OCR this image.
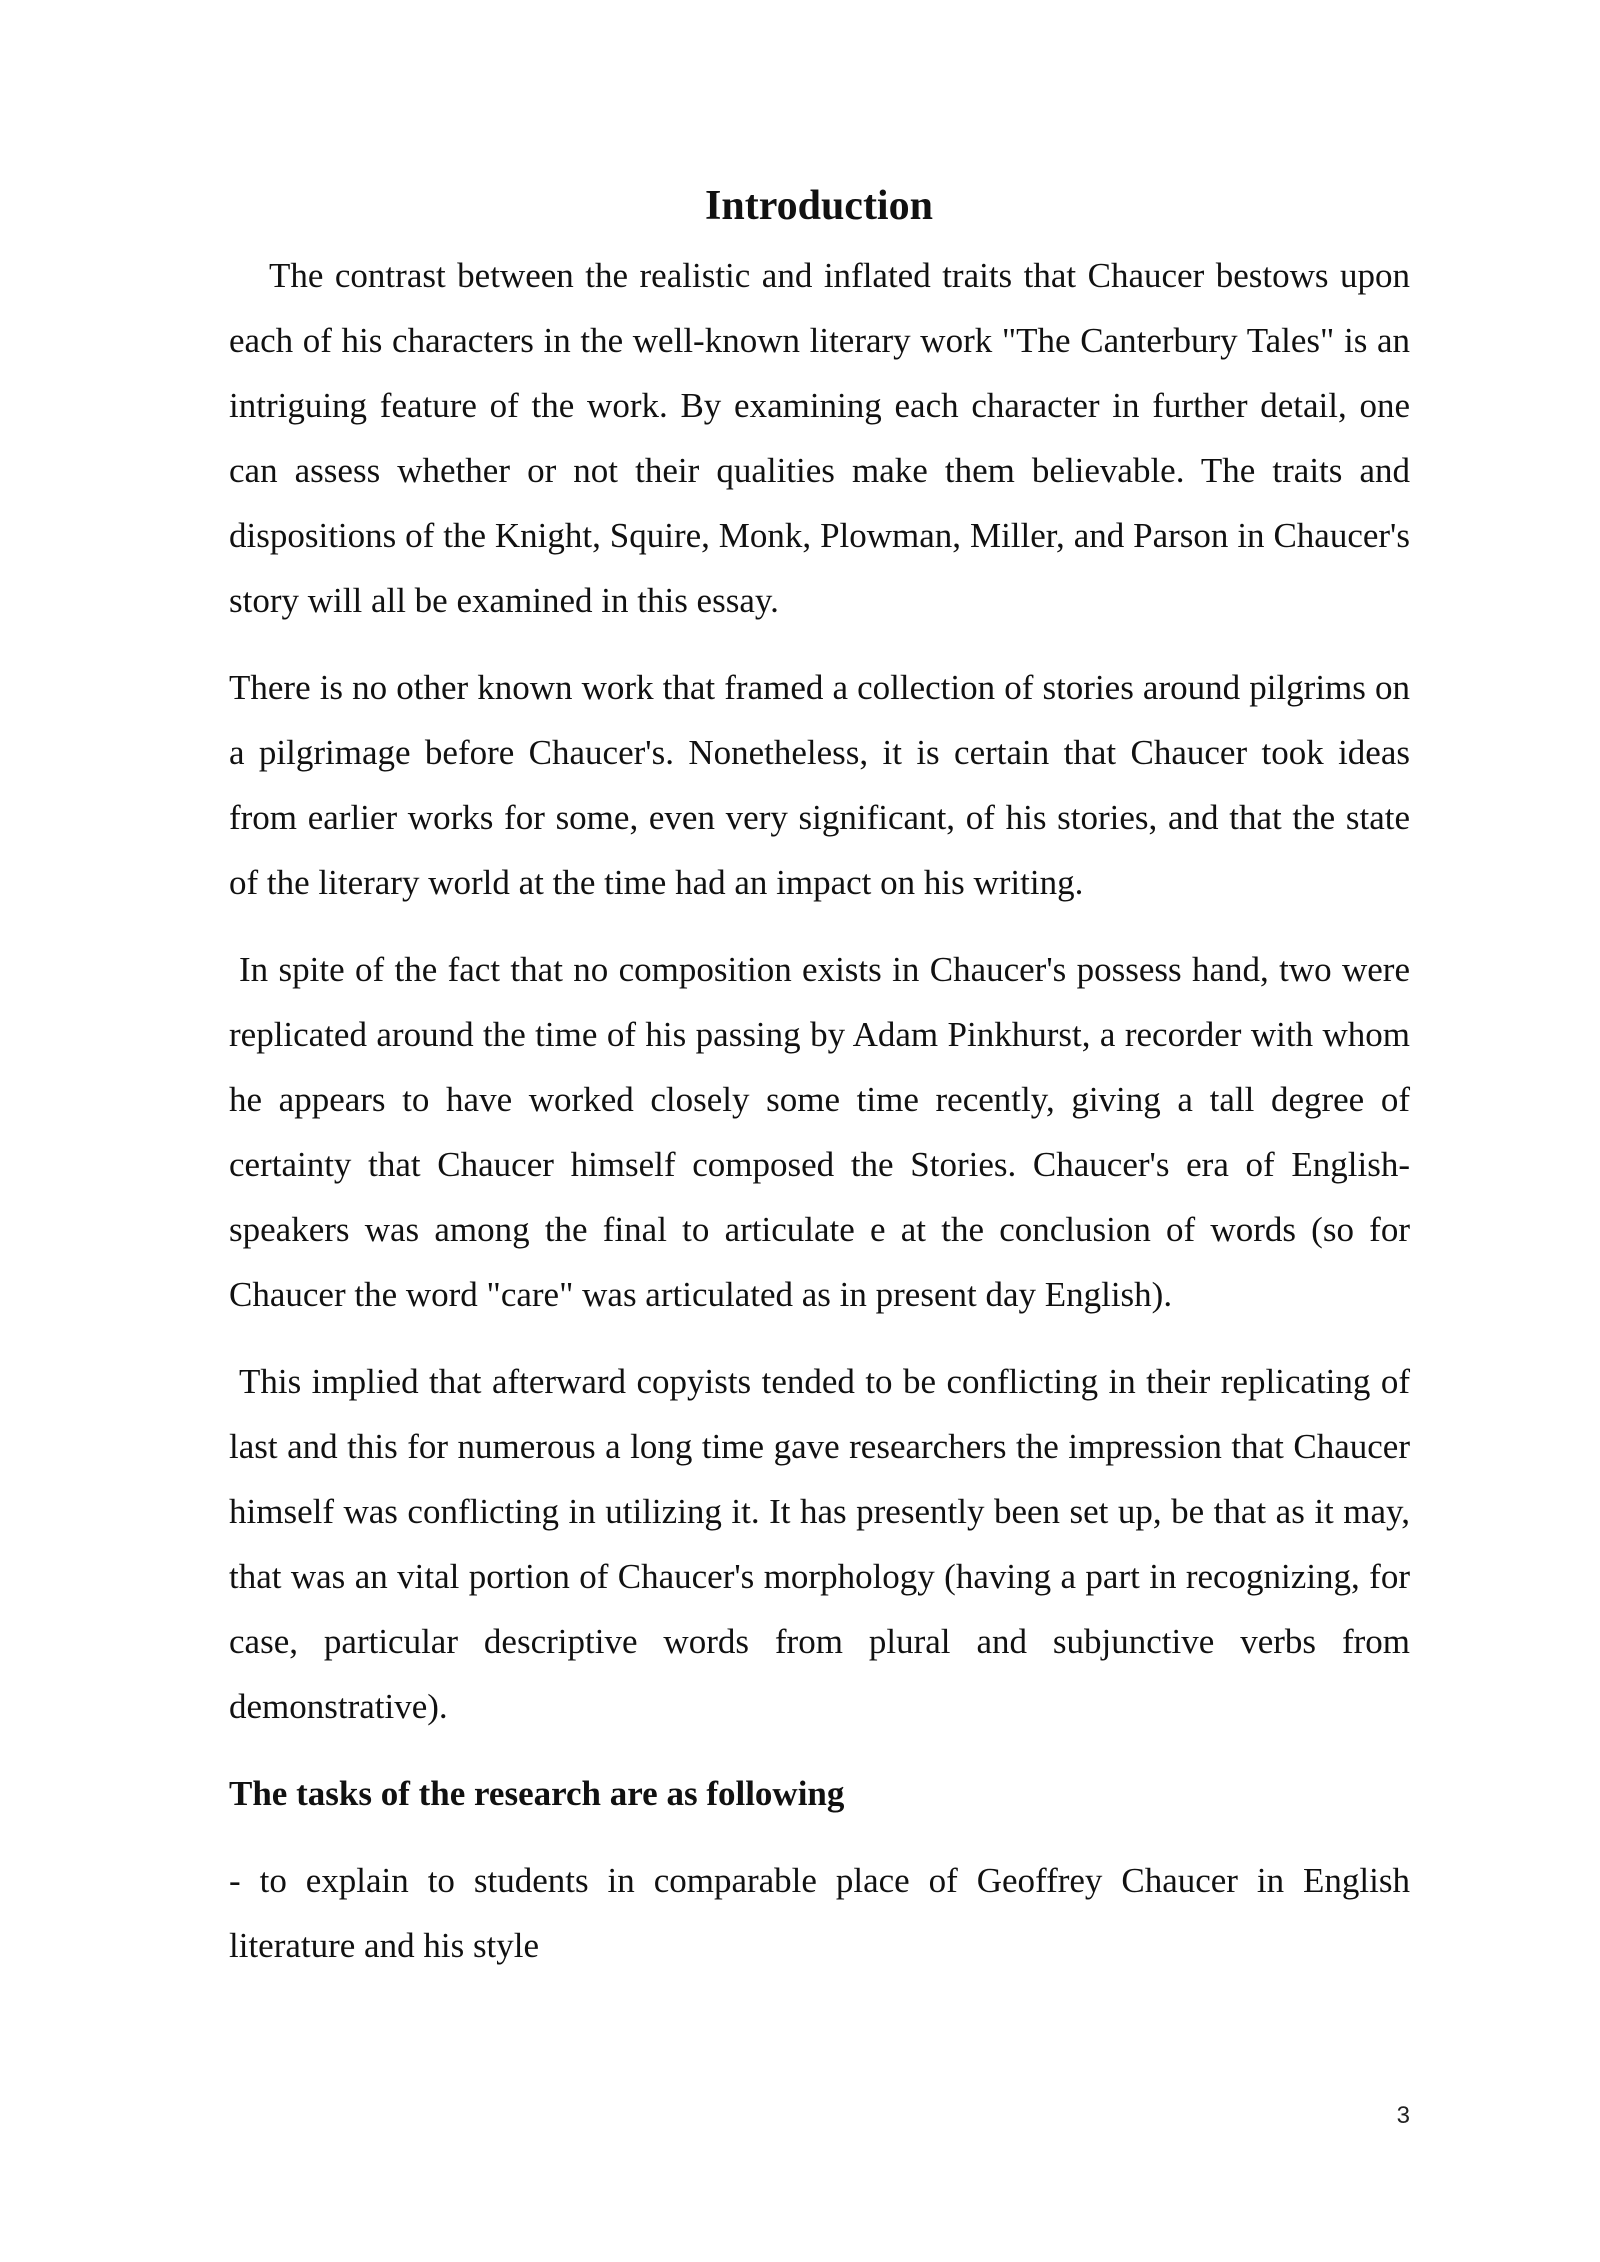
Introduction

The contrast between the realistic and inflated traits that Chaucer bestows upon each of his characters in the well-known literary work "The Canterbury Tales" is an intriguing feature of the work. By examining each character in further detail, one can assess whether or not their qualities make them believable. The traits and dispositions of the Knight, Squire, Monk, Plowman, Miller, and Parson in Chaucer's story will all be examined in this essay.

There is no other known work that framed a collection of stories around pilgrims on a pilgrimage before Chaucer's. Nonetheless, it is certain that Chaucer took ideas from earlier works for some, even very significant, of his stories, and that the state of the literary world at the time had an impact on his writing.

In spite of the fact that no composition exists in Chaucer's possess hand, two were replicated around the time of his passing by Adam Pinkhurst, a recorder with whom he appears to have worked closely some time recently, giving a tall degree of certainty that Chaucer himself composed the Stories. Chaucer's era of English-speakers was among the final to articulate e at the conclusion of words (so for Chaucer the word "care" was articulated as in present day English).

This implied that afterward copyists tended to be conflicting in their replicating of last and this for numerous a long time gave researchers the impression that Chaucer himself was conflicting in utilizing it. It has presently been set up, be that as it may, that was an vital portion of Chaucer's morphology (having a part in recognizing, for case, particular descriptive words from plural and subjunctive verbs from demonstrative).

The tasks of the research are as following

- to explain to students in comparable place of Geoffrey Chaucer in English literature and his style

3
